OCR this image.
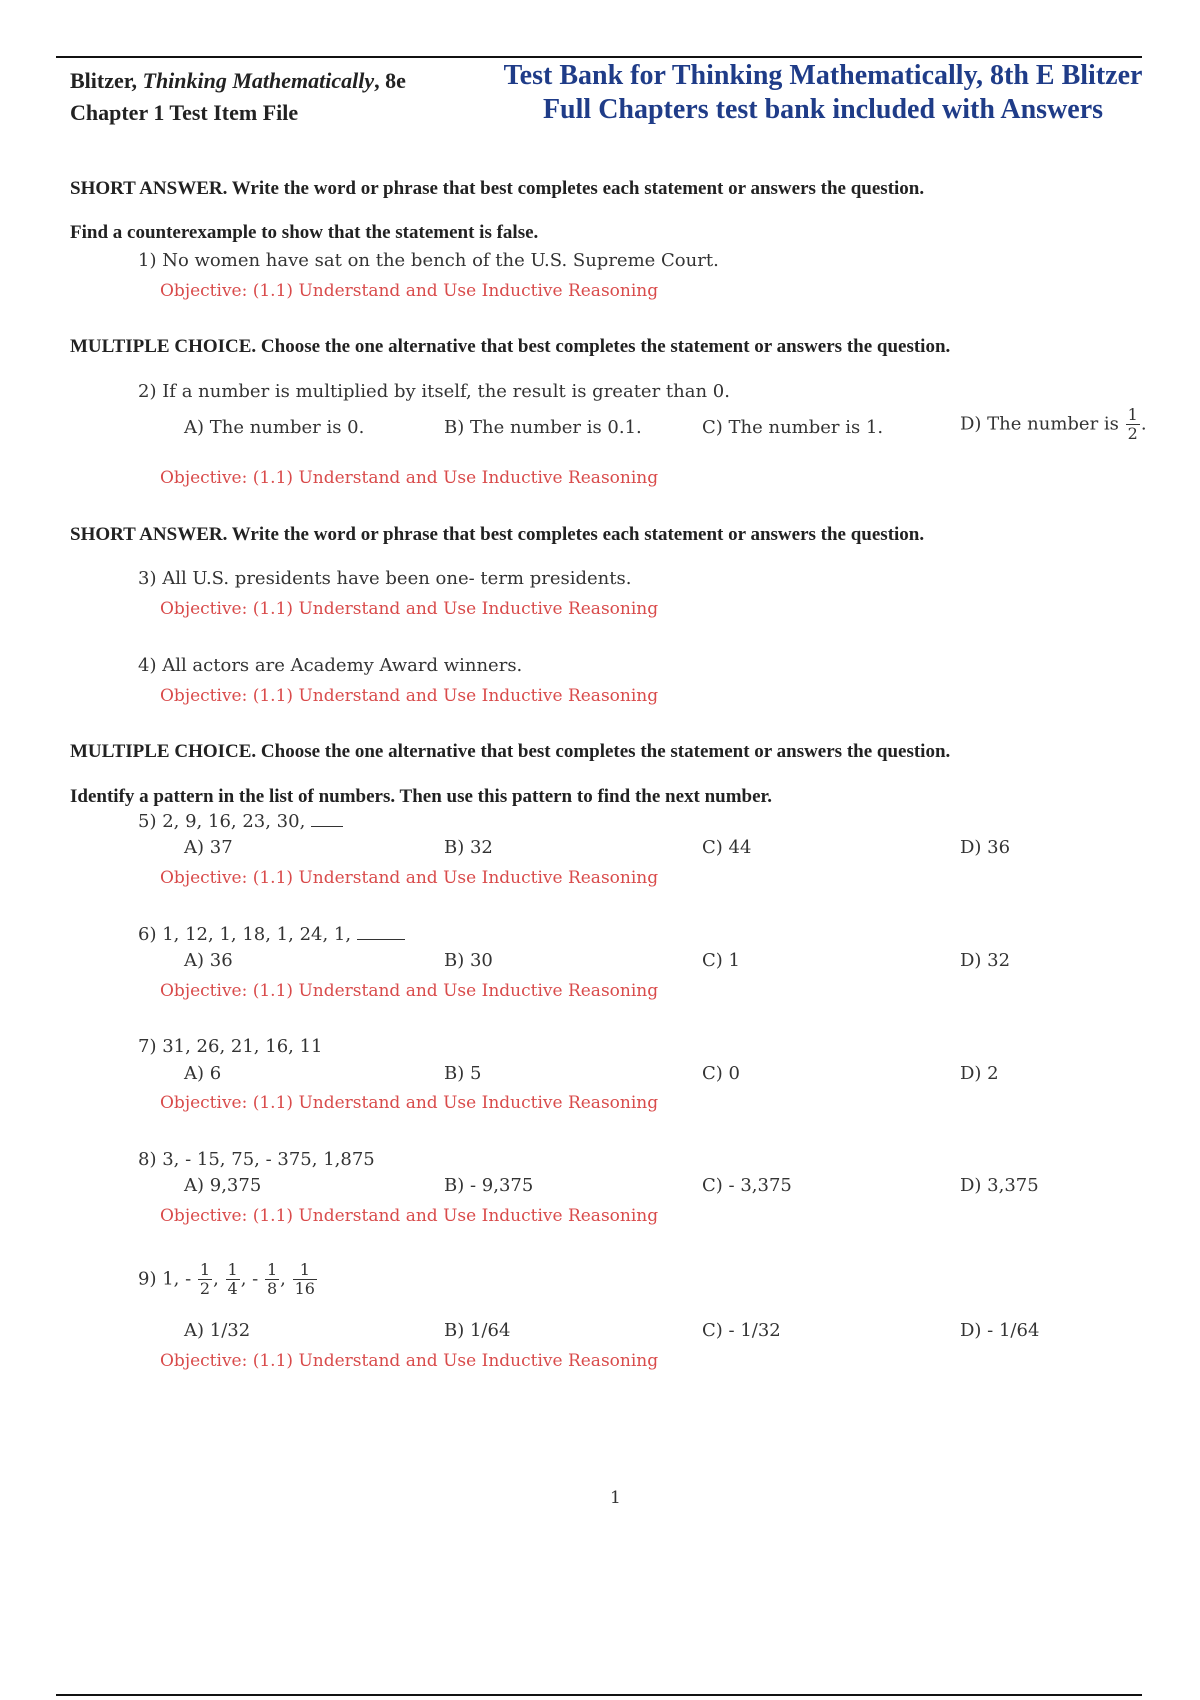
Blitzer, Thinking Mathematically, 8e
Chapter 1 Test Item File
Test Bank for Thinking Mathematically, 8th E Blitzer
Full Chapters test bank included with Answers
SHORT ANSWER. Write the word or phrase that best completes each statement or answers the question.
Find a counterexample to show that the statement is false.
1) No women have sat on the bench of the U.S. Supreme Court.
Objective: (1.1) Understand and Use Inductive Reasoning
MULTIPLE CHOICE. Choose the one alternative that best completes the statement or answers the question.
2) If a number is multiplied by itself, the result is greater than 0.
A) The number is 0.	B) The number is 0.1.	C) The number is 1.	D) The number is $\frac{1}{2}$ .
Objective: (1.1) Understand and Use Inductive Reasoning
SHORT ANSWER. Write the word or phrase that best completes each statement or answers the question.
3) All U.S. presidents have been one- term presidents.
Objective: (1.1) Understand and Use Inductive Reasoning
4) All actors are Academy Award winners.
Objective: (1.1) Understand and Use Inductive Reasoning
MULTIPLE CHOICE. Choose the one alternative that best completes the statement or answers the question.
Identify a pattern in the list of numbers. Then use this pattern to find the next number.
5) 2, 9, 16, 23, 30,
A) 37	B) 32	C) 44	D) 36
Objective: (1.1) Understand and Use Inductive Reasoning
6) 1, 12, 1, 18, 1, 24, 1,
A) 36	B) 30	C) 1	D) 32
Objective: (1.1) Understand and Use Inductive Reasoning
7) 31, 26, 21, 16, 11
A) 6	B) 5	C) 0	D) 2
Objective: (1.1) Understand and Use Inductive Reasoning
8) 3, - 15, 75, - 375, 1,875
A) 9,375	B) - 9,375	C) - 3,375	D) 3,375
Objective: (1.1) Understand and Use Inductive Reasoning
9) 1, - $\frac{1}{2}$ , $\frac{1}{4}$ , - $\frac{1}{8}$ , $\frac{1}{16}$
A) 1/32	B) 1/64	C) - 1/32	D) - 1/64
Objective: (1.1) Understand and Use Inductive Reasoning
1
